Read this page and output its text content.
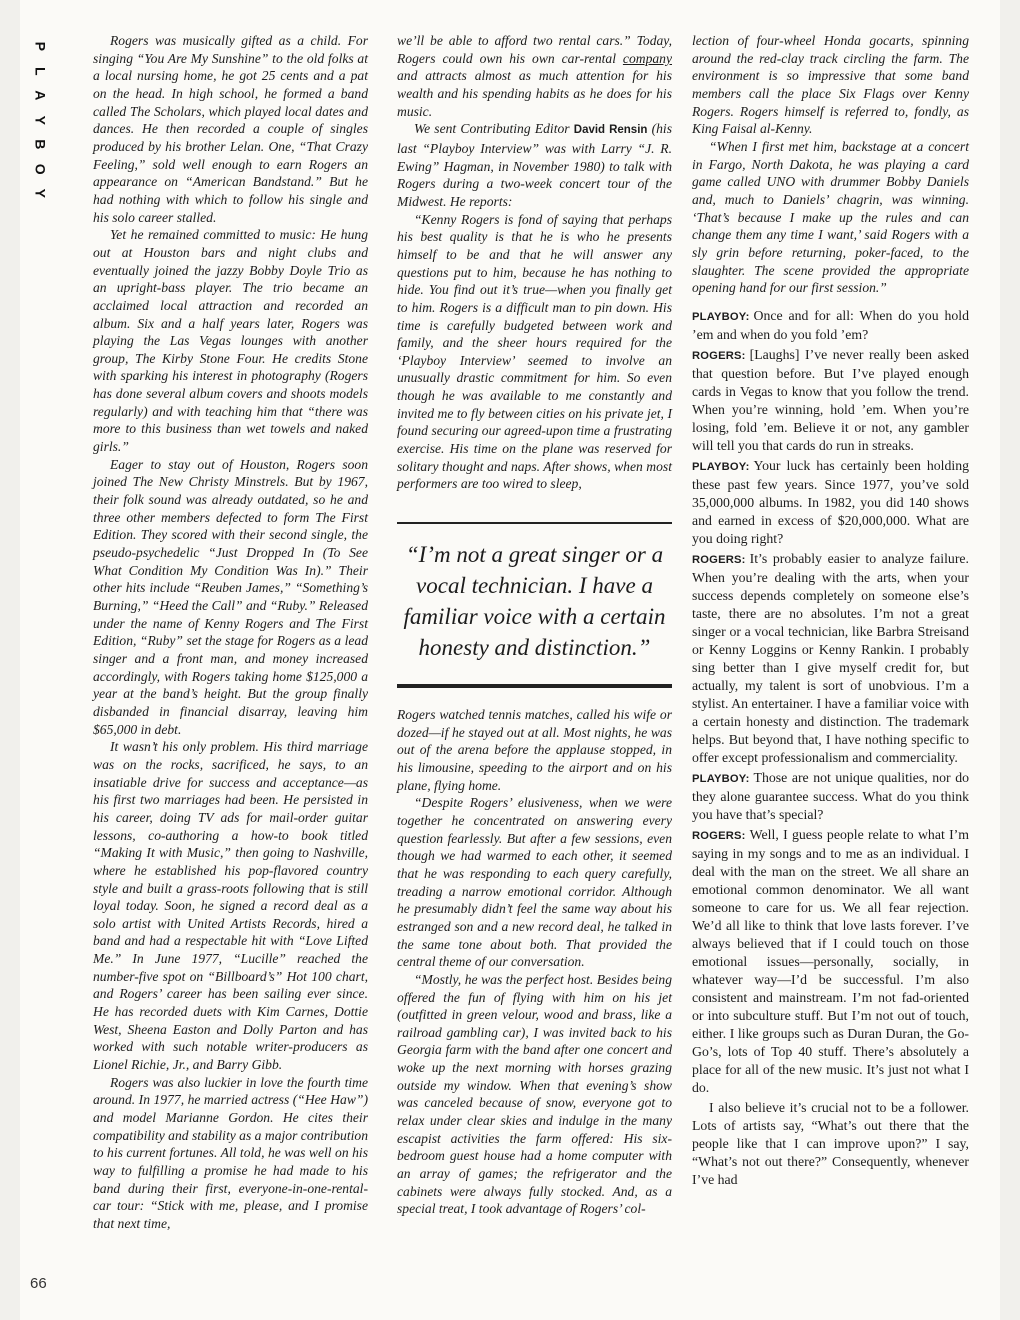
P
L
A
Y
B
O
Y
66

Rogers was musically gifted as a child. For singing “You Are My Sunshine” to the old folks at a local nursing home, he got 25 cents and a pat on the head. In high school, he formed a band called The Scholars, which played local dates and dances. He then recorded a couple of singles produced by his brother Lelan. One, “That Crazy Feeling,” sold well enough to earn Rogers an appearance on “American Bandstand.” But he had nothing with which to follow his single and his solo career stalled.

Yet he remained committed to music: He hung out at Houston bars and night clubs and eventually joined the jazzy Bobby Doyle Trio as an upright-bass player. The trio became an acclaimed local attraction and recorded an album. Six and a half years later, Rogers was playing the Las Vegas lounges with another group, The Kirby Stone Four. He credits Stone with sparking his interest in photography (Rogers has done several album covers and shoots models regularly) and with teaching him that “there was more to this business than wet towels and naked girls.”

Eager to stay out of Houston, Rogers soon joined The New Christy Minstrels. But by 1967, their folk sound was already outdated, so he and three other members defected to form The First Edition. They scored with their second single, the pseudo-psychedelic “Just Dropped In (To See What Condition My Condition Was In).” Their other hits include “Reuben James,” “Something’s Burning,” “Heed the Call” and “Ruby.” Released under the name of Kenny Rogers and The First Edition, “Ruby” set the stage for Rogers as a lead singer and a front man, and money increased accordingly, with Rogers taking home $125,000 a year at the band’s height. But the group finally disbanded in financial disarray, leaving him $65,000 in debt.

It wasn’t his only problem. His third marriage was on the rocks, sacrificed, he says, to an insatiable drive for success and acceptance—as his first two marriages had been. He persisted in his career, doing TV ads for mail-order guitar lessons, co-authoring a how-to book titled “Making It with Music,” then going to Nashville, where he established his pop-flavored country style and built a grass-roots following that is still loyal today. Soon, he signed a record deal as a solo artist with United Artists Records, hired a band and had a respectable hit with “Love Lifted Me.” In June 1977, “Lucille” reached the number-five spot on “Billboard’s” Hot 100 chart, and Rogers’ career has been sailing ever since. He has recorded duets with Kim Carnes, Dottie West, Sheena Easton and Dolly Parton and has worked with such notable writer-producers as Lionel Richie, Jr., and Barry Gibb.

Rogers was also luckier in love the fourth time around. In 1977, he married actress (“Hee Haw”) and model Marianne Gordon. He cites their compatibility and stability as a major contribution to his current fortunes. All told, he was well on his way to fulfilling a promise he had made to his band during their first, everyone-in-one-rental-car tour: “Stick with me, please, and I promise that next time,

we’ll be able to afford two rental cars.” Today, Rogers could own his own car-rental company and attracts almost as much attention for his wealth and his spending habits as he does for his music.

We sent Contributing Editor David Rensin (his last “Playboy Interview” was with Larry “J. R. Ewing” Hagman, in November 1980) to talk with Rogers during a two-week concert tour of the Midwest. He reports:

“Kenny Rogers is fond of saying that perhaps his best quality is that he is who he presents himself to be and that he will answer any questions put to him, because he has nothing to hide. You find out it’s true—when you finally get to him. Rogers is a difficult man to pin down. His time is carefully budgeted between work and family, and the sheer hours required for the ‘Playboy Interview’ seemed to involve an unusually drastic commitment for him. So even though he was available to me constantly and invited me to fly between cities on his private jet, I found securing our agreed-upon time a frustrating exercise. His time on the plane was reserved for solitary thought and naps. After shows, when most performers are too wired to sleep,

“I’m not a great singer or a vocal technician. I have a familiar voice with a certain honesty and distinction.”

Rogers watched tennis matches, called his wife or dozed—if he stayed out at all. Most nights, he was out of the arena before the applause stopped, in his limousine, speeding to the airport and on his plane, flying home.

“Despite Rogers’ elusiveness, when we were together he concentrated on answering every question fearlessly. But after a few sessions, even though we had warmed to each other, it seemed that he was responding to each query carefully, treading a narrow emotional corridor. Although he presumably didn’t feel the same way about his estranged son and a new record deal, he talked in the same tone about both. That provided the central theme of our conversation.

“Mostly, he was the perfect host. Besides being offered the fun of flying with him on his jet (outfitted in green velour, wood and brass, like a railroad gambling car), I was invited back to his Georgia farm with the band after one concert and woke up the next morning with horses grazing outside my window. When that evening’s show was canceled because of snow, everyone got to relax under clear skies and indulge in the many escapist activities the farm offered: His six-bedroom guest house had a home computer with an array of games; the refrigerator and the cabinets were always fully stocked. And, as a special treat, I took advantage of Rogers’ col-

lection of four-wheel Honda gocarts, spinning around the red-clay track circling the farm. The environment is so impressive that some band members call the place Six Flags over Kenny Rogers. Rogers himself is referred to, fondly, as King Faisal al-Kenny.

“When I first met him, backstage at a concert in Fargo, North Dakota, he was playing a card game called UNO with drummer Bobby Daniels and, much to Daniels’ chagrin, was winning. ‘That’s because I make up the rules and can change them any time I want,’ said Rogers with a sly grin before returning, poker-faced, to the slaughter. The scene provided the appropriate opening hand for our first session.”

PLAYBOY: Once and for all: When do you hold ’em and when do you fold ’em?

ROGERS: [Laughs] I’ve never really been asked that question before. But I’ve played enough cards in Vegas to know that you follow the trend. When you’re winning, hold ’em. When you’re losing, fold ’em. Believe it or not, any gambler will tell you that cards do run in streaks.

PLAYBOY: Your luck has certainly been holding these past few years. Since 1977, you’ve sold 35,000,000 albums. In 1982, you did 140 shows and earned in excess of $20,000,000. What are you doing right?

ROGERS: It’s probably easier to analyze failure. When you’re dealing with the arts, when your success depends completely on someone else’s taste, there are no absolutes. I’m not a great singer or a vocal technician, like Barbra Streisand or Kenny Loggins or Kenny Rankin. I probably sing better than I give myself credit for, but actually, my talent is sort of unobvious. I’m a stylist. An entertainer. I have a familiar voice with a certain honesty and distinction. The trademark helps. But beyond that, I have nothing specific to offer except professionalism and commerciality.

PLAYBOY: Those are not unique qualities, nor do they alone guarantee success. What do you think you have that’s special?

ROGERS: Well, I guess people relate to what I’m saying in my songs and to me as an individual. I deal with the man on the street. We all share an emotional common denominator. We all want someone to care for us. We all fear rejection. We’d all like to think that love lasts forever. I’ve always believed that if I could touch on those emotional issues—personally, socially, in whatever way—I’d be successful. I’m also consistent and mainstream. I’m not fad-oriented or into subculture stuff. But I’m not out of touch, either. I like groups such as Duran Duran, the Go-Go’s, lots of Top 40 stuff. There’s absolutely a place for all of the new music. It’s just not what I do.

I also believe it’s crucial not to be a follower. Lots of artists say, “What’s out there that the people like that I can improve upon?” I say, “What’s not out there?” Consequently, whenever I’ve had
